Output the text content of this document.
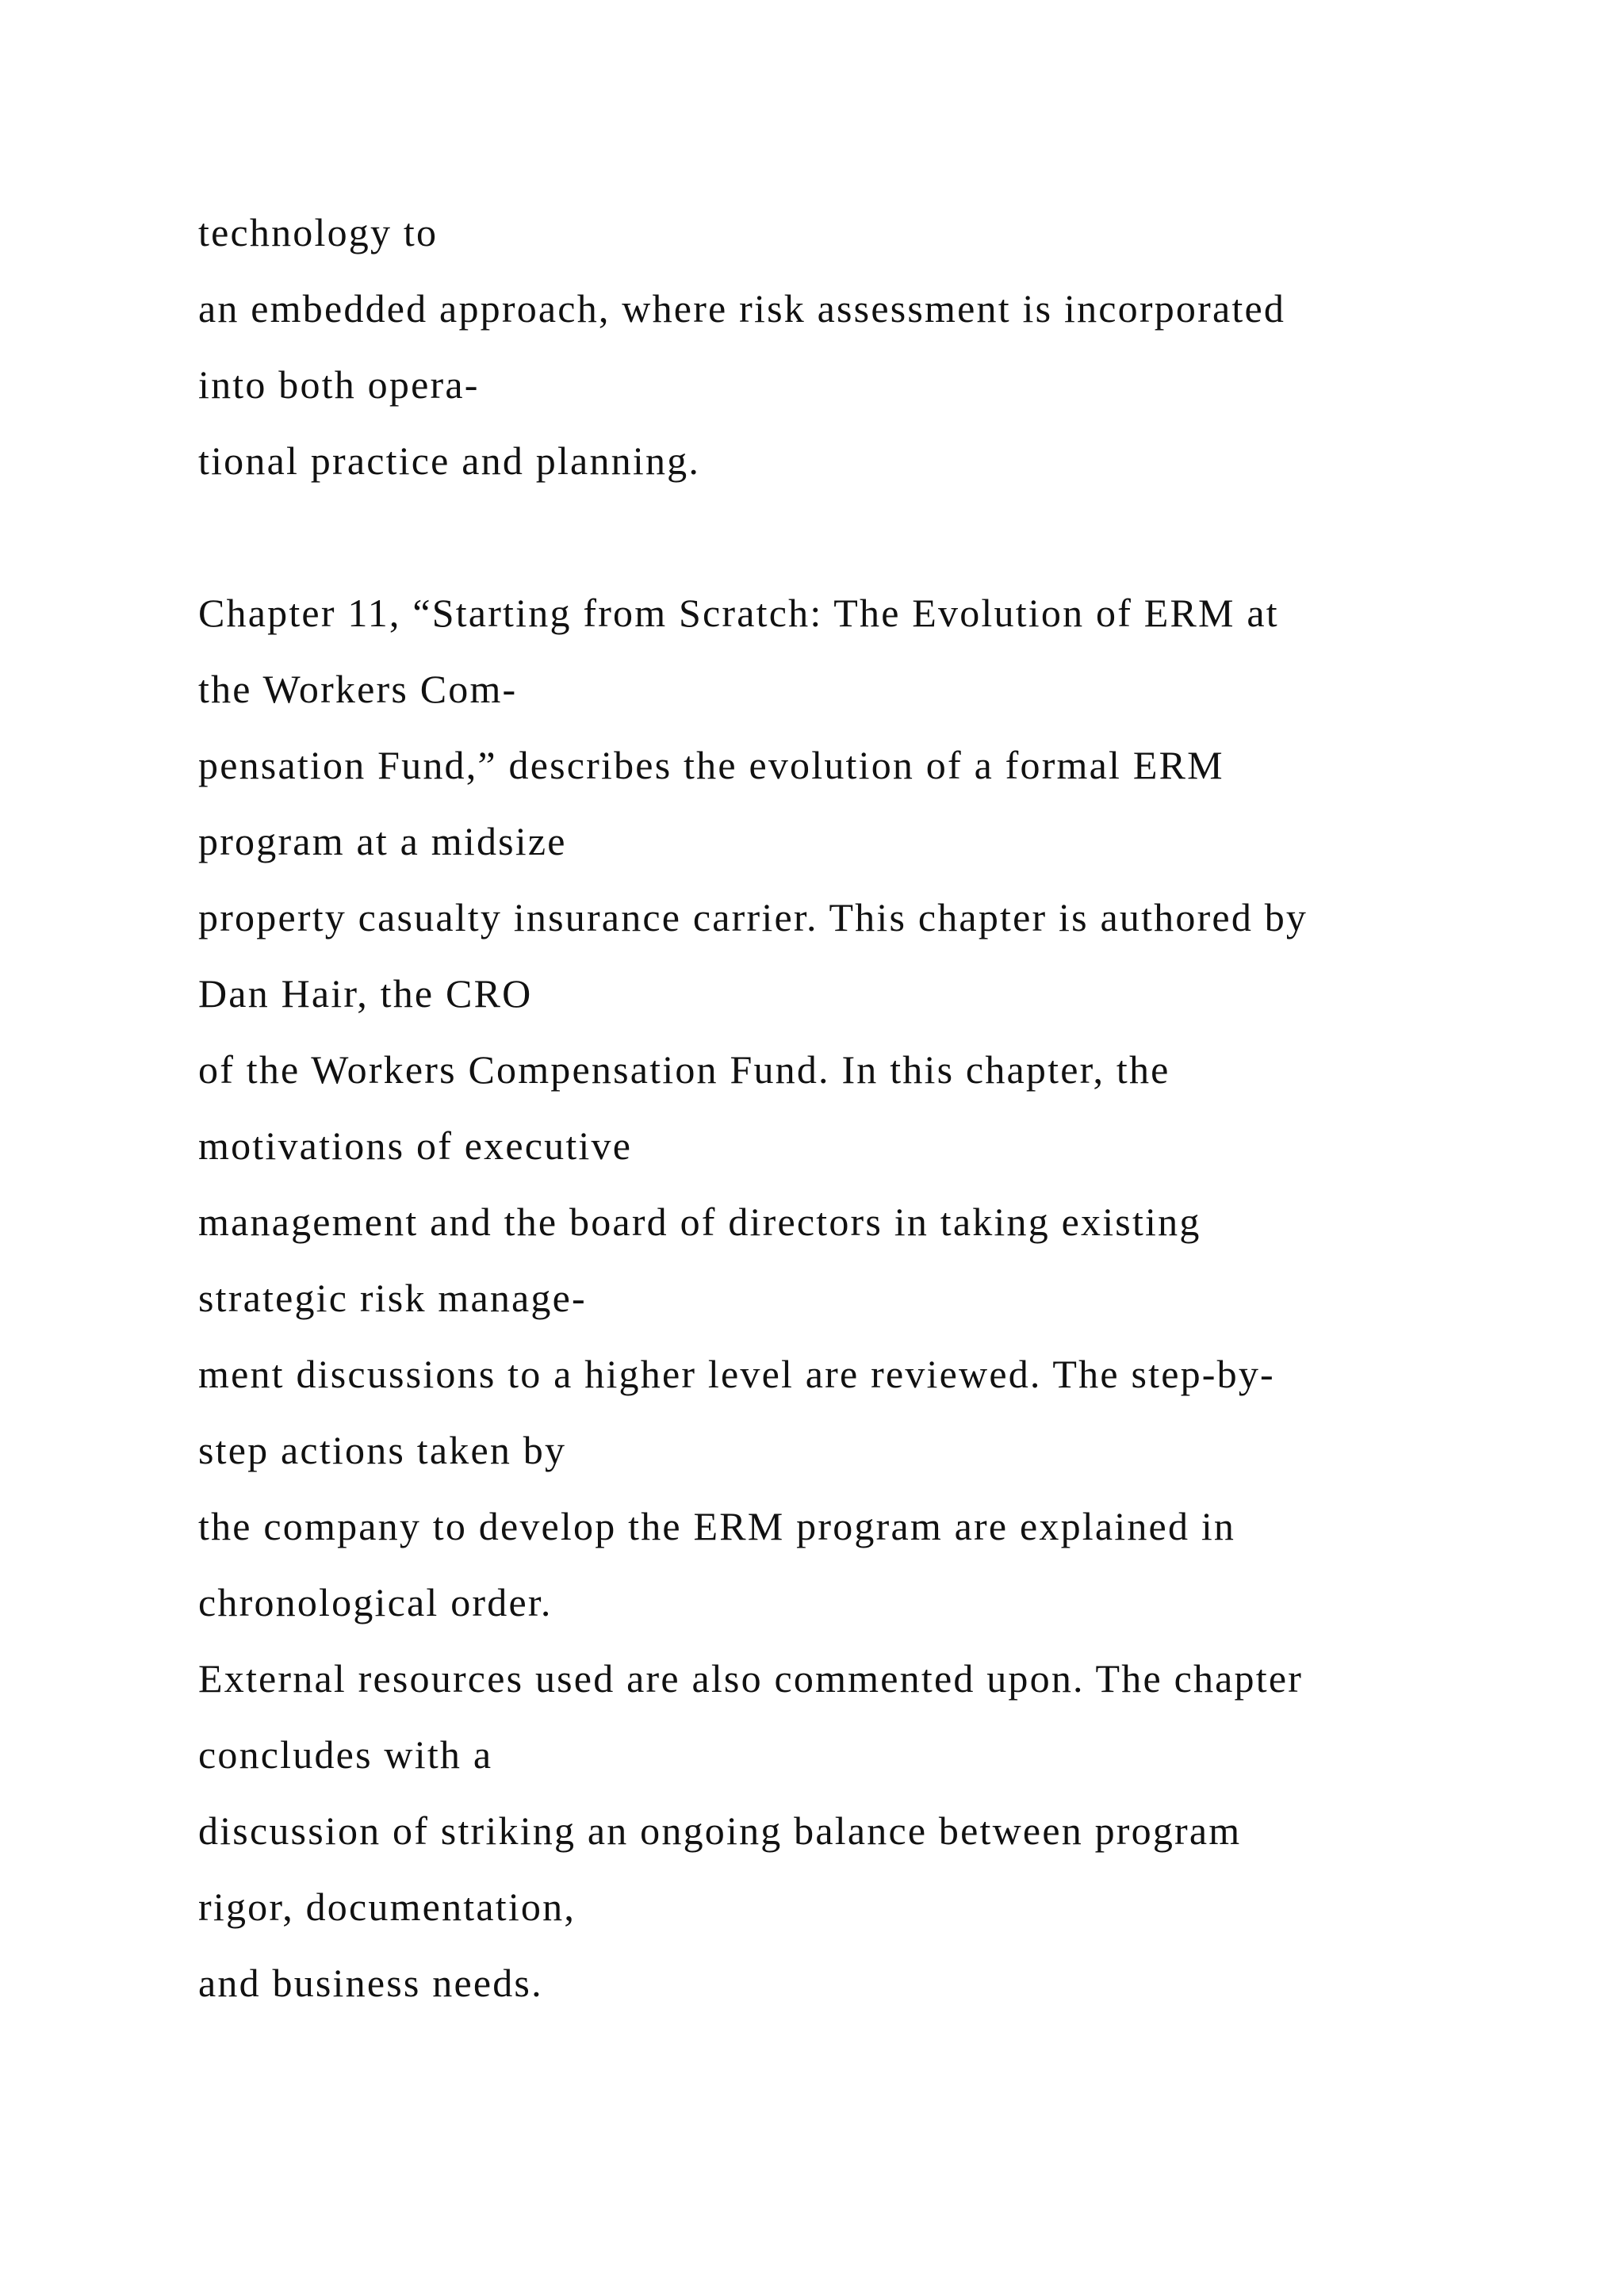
technology to
an embedded approach, where risk assessment is incorporated
into both opera-
tional practice and planning.
Chapter 11, “Starting from Scratch: The Evolution of ERM at
the Workers Com-
pensation Fund,” describes the evolution of a formal ERM
program at a midsize
property casualty insurance carrier. This chapter is authored by
Dan Hair, the CRO
of the Workers Compensation Fund. In this chapter, the
motivations of executive
management and the board of directors in taking existing
strategic risk manage-
ment discussions to a higher level are reviewed. The step-by-
step actions taken by
the company to develop the ERM program are explained in
chronological order.
External resources used are also commented upon. The chapter
concludes with a
discussion of striking an ongoing balance between program
rigor, documentation,
and business needs.
